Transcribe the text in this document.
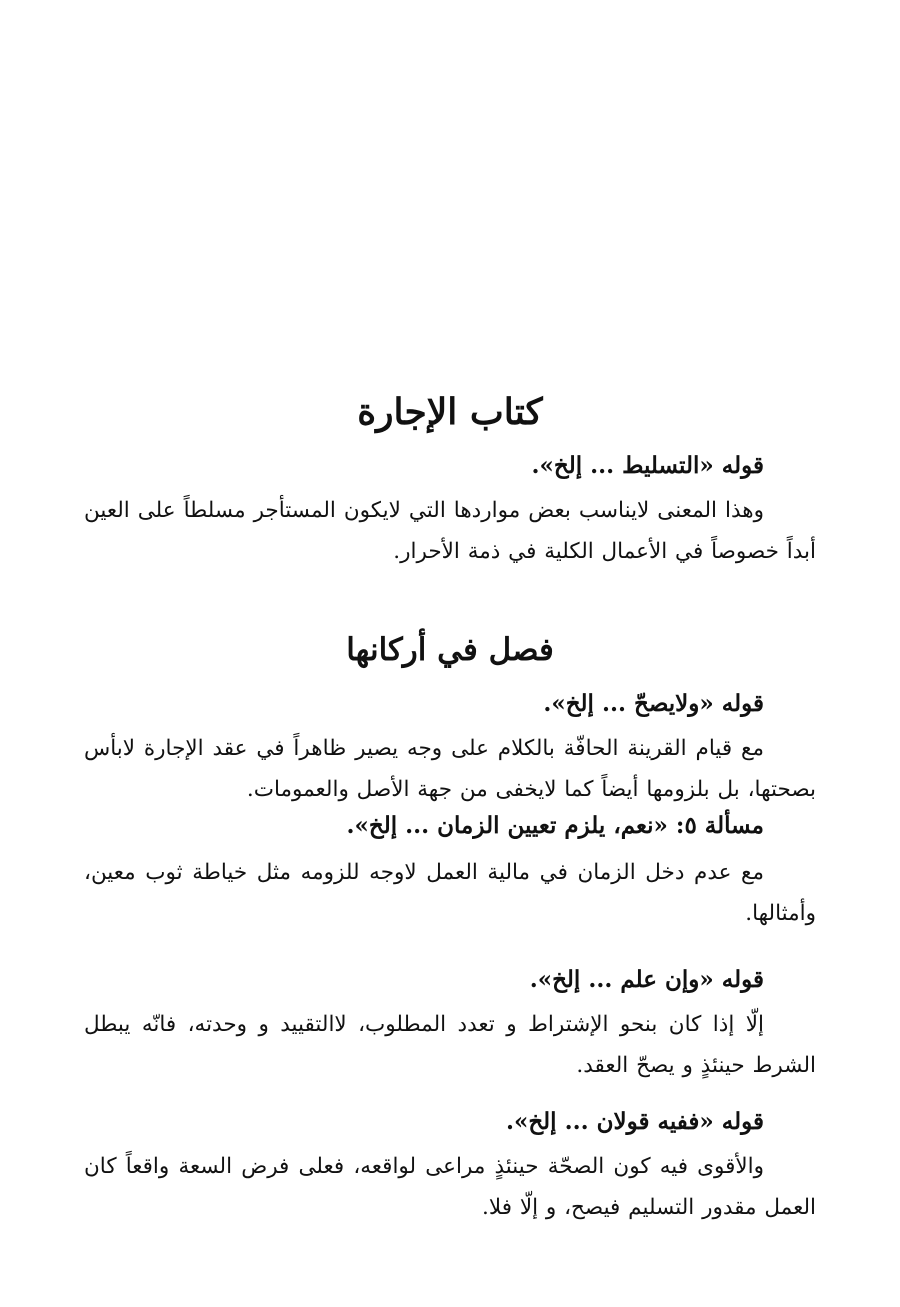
كتاب الإجارة

قوله «التسليط ... إلخ».

وهذا المعنى لايناسب بعض مواردها التي لايكون المستأجر مسلطاً على العين أبداً خصوصاً في الأعمال الكلية في ذمة الأحرار.

فصل في أركانها

قوله «ولايصحّ ... إلخ».

مع قيام القرينة الحافّة بالكلام على وجه يصير ظاهراً في عقد الإجارة لابأس بصحتها، بل بلزومها أيضاً كما لايخفى من جهة الأصل والعمومات.

مسألة ٥: «نعم، يلزم تعيين الزمان ... إلخ».

مع عدم دخل الزمان في مالية العمل لاوجه للزومه مثل خياطة ثوب معين، وأمثالها.

قوله «وإن علم ... إلخ».

إلّا إذا كان بنحو الإشتراط و تعدد المطلوب، لاالتقييد و وحدته، فانّه يبطل الشرط حينئذٍ و يصحّ العقد.

قوله «ففيه قولان ... إلخ».

والأقوى فيه كون الصحّة حينئذٍ مراعى لواقعه، فعلى فرض السعة واقعاً كان العمل مقدور التسليم فيصح، و إلّا فلا.
